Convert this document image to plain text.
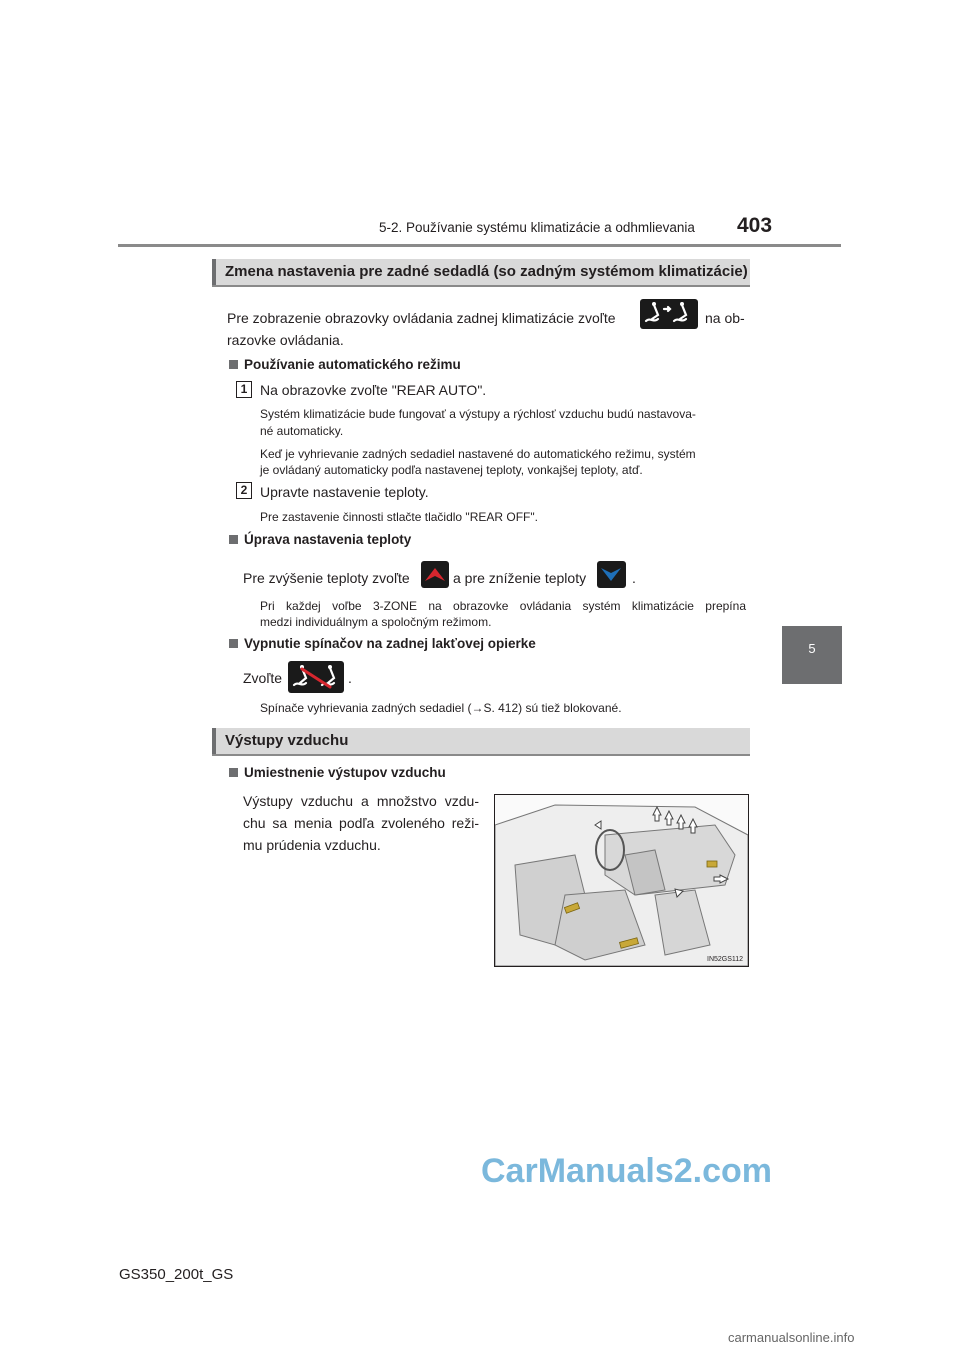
5-2. Používanie systému klimatizácie a odhmlievania 403
5
Zmena nastavenia pre zadné sedadlá (so zadným systémom klimatizácie)
Pre zobrazenie obrazovky ovládania zadnej klimatizácie zvoľte	na ob-
razovke ovládania.
Používanie automatického režimu
1 Na obrazovke zvoľte "REAR AUTO".
Systém klimatizácie bude fungovať a výstupy a rýchlosť vzduchu budú nastavova-
né automaticky.
Keď je vyhrievanie zadných sedadiel nastavené do automatického režimu, systém
je ovládaný automaticky podľa nastavenej teploty, vonkajšej teploty, atď.
2 Upravte nastavenie teploty.
Pre zastavenie činnosti stlačte tlačidlo "REAR OFF".
Úprava nastavenia teploty
Pre zvýšenie teploty zvoľte	a pre zníženie teploty	.
Pri každej voľbe 3-ZONE na obrazovke ovládania systém klimatizácie prepína
medzi individuálnym a spoločným režimom.
Vypnutie spínačov na zadnej lakťovej opierke
Zvoľte	.
Spínače vyhrievania zadných sedadiel (→S. 412) sú tiež blokované.
Výstupy vzduchu
Umiestnenie výstupov vzduchu
Výstupy vzduchu a množstvo vzdu-
chu sa menia podľa zvoleného reži-
mu prúdenia vzduchu.
IN52GS112
GS350_200t_GS
CarManuals2.com
carmanualsonline.info
